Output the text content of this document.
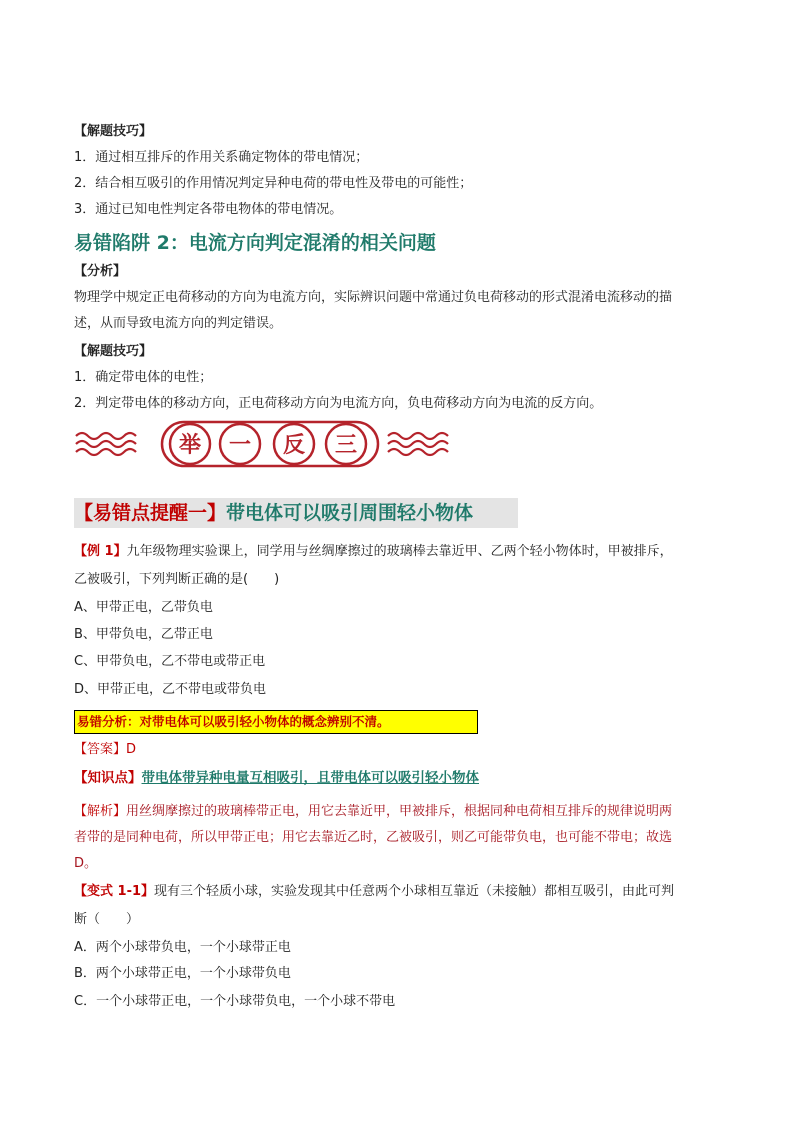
【解题技巧】
1．通过相互排斥的作用关系确定物体的带电情况；
2．结合相互吸引的作用情况判定异种电荷的带电性及带电的可能性；
3．通过已知电性判定各带电物体的带电情况。
易错陷阱 2：电流方向判定混淆的相关问题
【分析】
物理学中规定正电荷移动的方向为电流方向，实际辨识问题中常通过负电荷移动的形式混淆电流移动的描
述，从而导致电流方向的判定错误。
【解题技巧】
1．确定带电体的电性；
2．判定带电体的移动方向，正电荷移动方向为电流方向，负电荷移动方向为电流的反方向。
举 一 反 三
【易错点提醒一】带电体可以吸引周围轻小物体
【例 1】九年级物理实验课上，同学用与丝绸摩擦过的玻璃棒去靠近甲、乙两个轻小物体时，甲被排斥，
乙被吸引，下列判断正确的是(　　)
A、甲带正电，乙带负电
B、甲带负电，乙带正电
C、甲带负电，乙不带电或带正电
D、甲带正电，乙不带电或带负电
易错分析：对带电体可以吸引轻小物体的概念辨别不清。
【答案】D
【知识点】带电体带异种电量互相吸引，且带电体可以吸引轻小物体
【解析】用丝绸摩擦过的玻璃棒带正电，用它去靠近甲，甲被排斥，根据同种电荷相互排斥的规律说明两
者带的是同种电荷，所以甲带正电；用它去靠近乙时，乙被吸引，则乙可能带负电，也可能不带电；故选
D。
【变式 1-1】现有三个轻质小球，实验发现其中任意两个小球相互靠近（未接触）都相互吸引，由此可判
断（　　）
A．两个小球带负电，一个小球带正电
B．两个小球带正电，一个小球带负电
C．一个小球带正电，一个小球带负电，一个小球不带电
